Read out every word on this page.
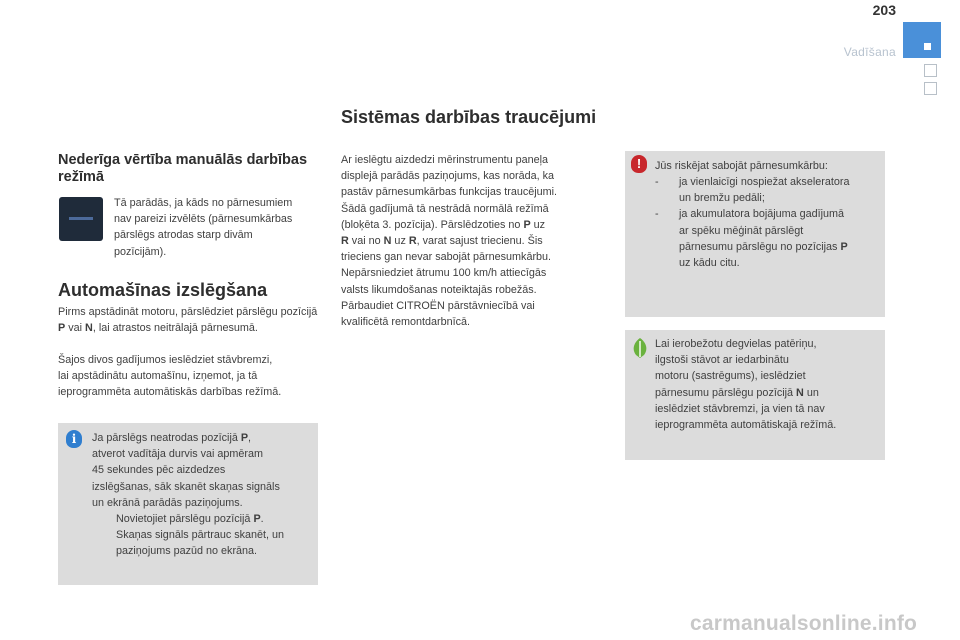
203
Vadīšana
Nederīga vērtība manuālās darbības režīmā

Tā parādās, ja kāds no pārnesumiem
nav pareizi izvēlēts (pārnesumkārbas
pārslēgs atrodas starp divām
pozīcijām).

Automašīnas izslēgšana

Pirms apstādināt motoru, pārslēdziet pārslēgu pozīcijā P vai N, lai atrastos neitrālajā pārnesumā.

Šajos divos gadījumos ieslēdziet stāvbremzi,
lai apstādinātu automašīnu, izņemot, ja tā
ieprogrammēta automātiskās darbības režīmā.

i	Ja pārslēgs neatrodas pozīcijā P,
atverot vadītāja durvis vai apmēram
45 sekundes pēc aizdedzes
izslēgšanas, sāk skanēt skaņas signāls
un ekrānā parādās paziņojums.

Novietojiet pārslēgu pozīcijā P.
Skaņas signāls pārtrauc skanēt, un
paziņojums pazūd no ekrāna.

Sistēmas darbības traucējumi

Ar ieslēgtu aizdedzi mērinstrumentu paneļa
displejā parādās paziņojums, kas norāda, ka
pastāv pārnesumkārbas funkcijas traucējumi.
Šādā gadījumā tā nestrādā normālā režīmā
(bloķēta 3. pozīcija). Pārslēdzoties no P uz
R vai no N uz R, varat sajust triecienu. Šis
trieciens gan nevar sabojāt pārnesumkārbu.
Nepārsniedziet ātrumu 100 km/h attiecīgās
valsts likumdošanas noteiktajās robežās.
Pārbaudiet CITROËN pārstāvniecībā vai
kvalificētā remontdarbnīcā.

!	Jūs riskējat sabojāt pārnesumkārbu:

- ja vienlaicīgi nospiežat akseleratora
un bremžu pedāli;
- ja akumulatora bojājuma gadījumā
ar spēku mēģināt pārslēgt
pārnesumu pārslēgu no pozīcijas P
uz kādu citu.

Lai ierobežotu degvielas patēriņu,
ilgstoši stāvot ar iedarbinātu
motoru (sastrēgums), ieslēdziet
pārnesumu pārslēgu pozīcijā N un
ieslēdziet stāvbremzi, ja vien tā nav
ieprogrammēta automātiskajā režīmā.

carmanualsonline.info
